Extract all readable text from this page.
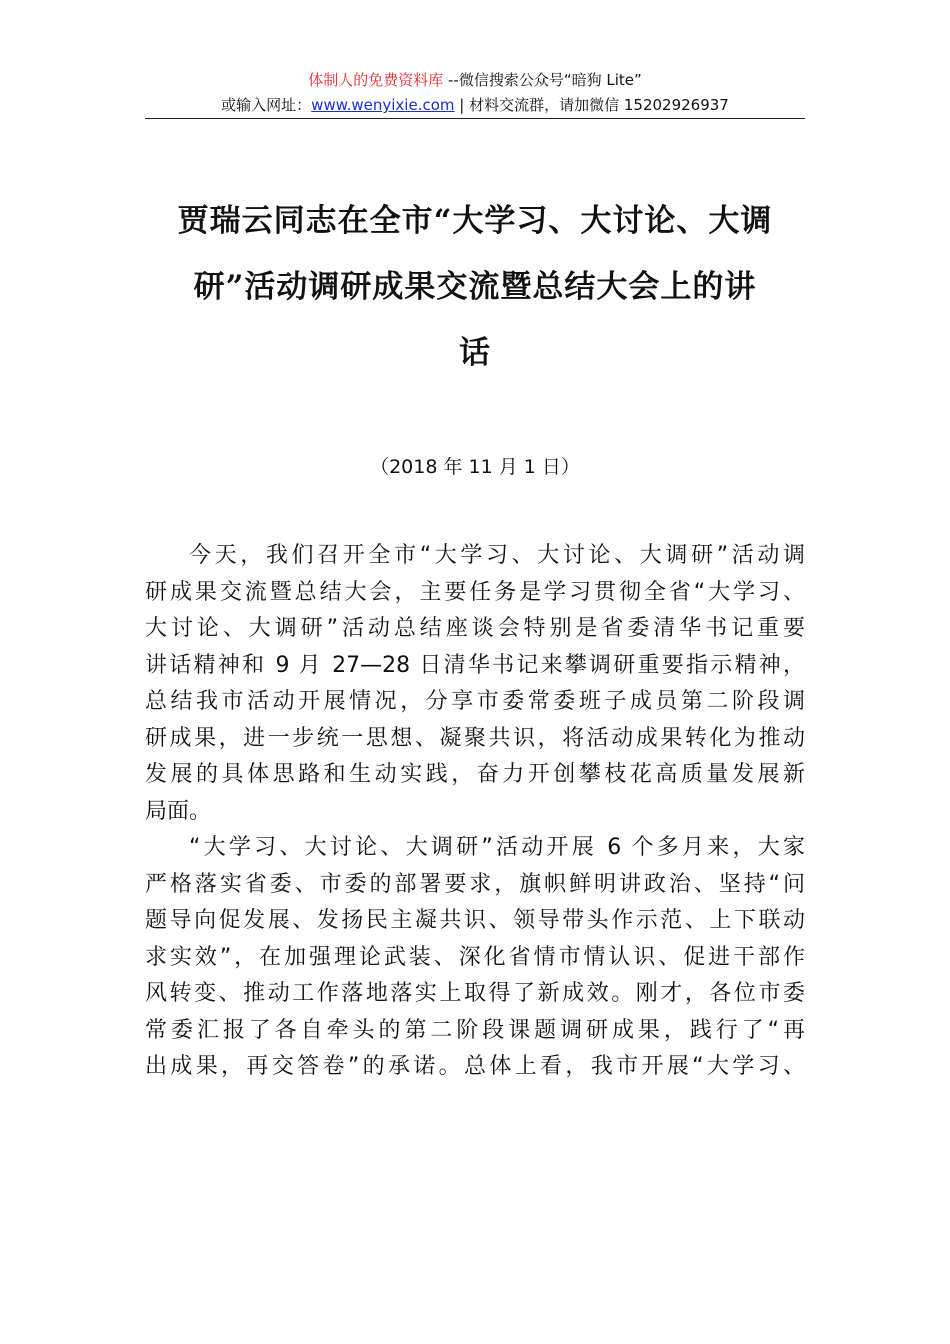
体制人的免费资料库 --微信搜索公众号“暗狗 Lite”
或输入网址：www.wenyixie.com | 材料交流群，请加微信 15202926937
贾瑞云同志在全市“大学习、大讨论、大调
研”活动调研成果交流暨总结大会上的讲
话
（2018 年 11 月 1 日）
今天，我们召开全市“大学习、大讨论、大调研”活动调
研成果交流暨总结大会，主要任务是学习贯彻全省“大学习、
大讨论、大调研”活动总结座谈会特别是省委清华书记重要
讲话精神和 9 月 27—28 日清华书记来攀调研重要指示精神，
总结我市活动开展情况，分享市委常委班子成员第二阶段调
研成果，进一步统一思想、凝聚共识，将活动成果转化为推动
发展的具体思路和生动实践，奋力开创攀枝花高质量发展新
局面。
“大学习、大讨论、大调研”活动开展 6 个多月来，大家
严格落实省委、市委的部署要求，旗帜鲜明讲政治、坚持“问
题导向促发展、发扬民主凝共识、领导带头作示范、上下联动
求实效”，在加强理论武装、深化省情市情认识、促进干部作
风转变、推动工作落地落实上取得了新成效。刚才，各位市委
常委汇报了各自牵头的第二阶段课题调研成果，践行了“再
出成果，再交答卷”的承诺。总体上看，我市开展“大学习、
